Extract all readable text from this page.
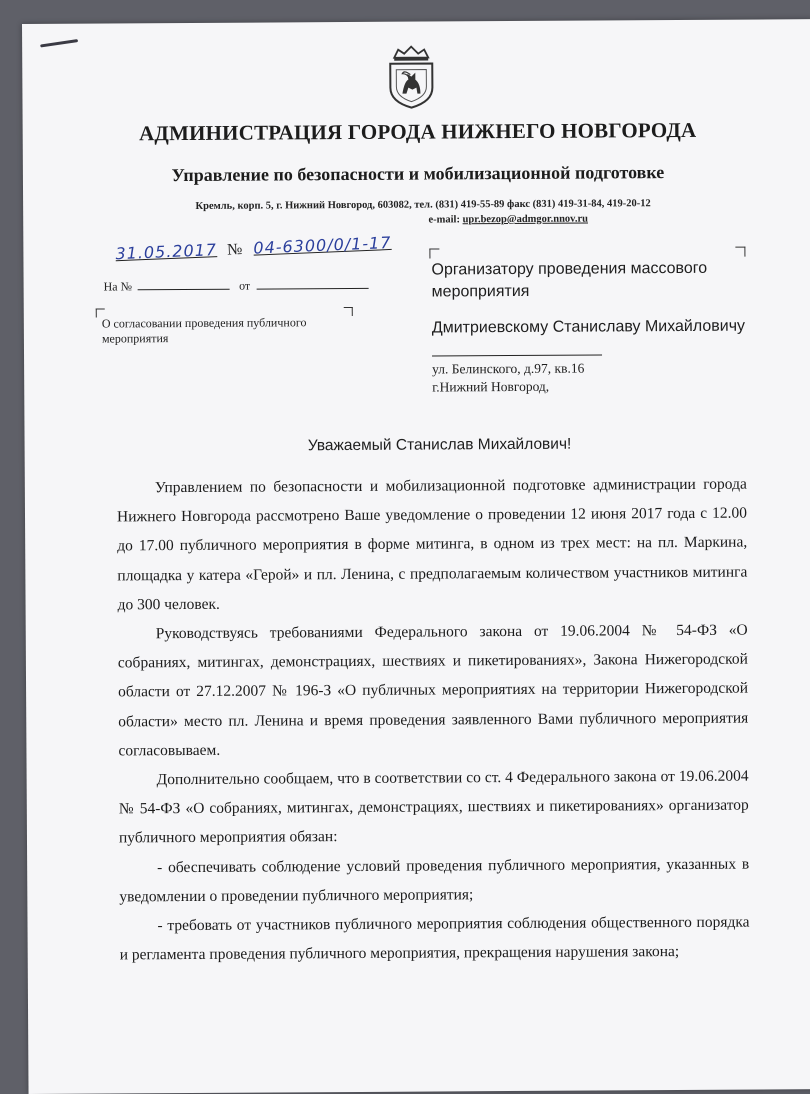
АДМИНИСТРАЦИЯ ГОРОДА НИЖНЕГО НОВГОРОДА
Управление по безопасности и мобилизационной подготовке
Кремль, корп. 5, г. Нижний Новгород, 603082, тел. (831) 419-55-89 факс (831) 419-31-84, 419-20-12
e-mail: upr.bezop@admgor.nnov.ru
31.05.2017 № 04-6300/0/1-17
На №	от
О согласовании проведения публичного мероприятия
Организатору проведения массового мероприятия
Дмитриевскому Станиславу Михайловичу
ул. Белинского, д.97, кв.16
г.Нижний Новгород,
Уважаемый Станислав Михайлович!

Управлением по безопасности и мобилизационной подготовке администрации города Нижнего Новгорода рассмотрено Ваше уведомление о проведении 12 июня 2017 года с 12.00 до 17.00 публичного мероприятия в форме митинга, в одном из трех мест: на пл. Маркина, площадка у катера «Герой» и пл. Ленина, с предполагаемым количеством участников митинга до 300 человек.

Руководствуясь требованиями Федерального закона от 19.06.2004 № 54-ФЗ «О собраниях, митингах, демонстрациях, шествиях и пикетированиях», Закона Нижегородской области от 27.12.2007 № 196-З «О публичных мероприятиях на территории Нижегородской области» место пл. Ленина и время проведения заявленного Вами публичного мероприятия согласовываем.

Дополнительно сообщаем, что в соответствии со ст. 4 Федерального закона от 19.06.2004 № 54-ФЗ «О собраниях, митингах, демонстрациях, шествиях и пикетированиях» организатор публичного мероприятия обязан:

- обеспечивать соблюдение условий проведения публичного мероприятия, указанных в уведомлении о проведении публичного мероприятия;

- требовать от участников публичного мероприятия соблюдения общественного порядка и регламента проведения публичного мероприятия, прекращения нарушения закона;
